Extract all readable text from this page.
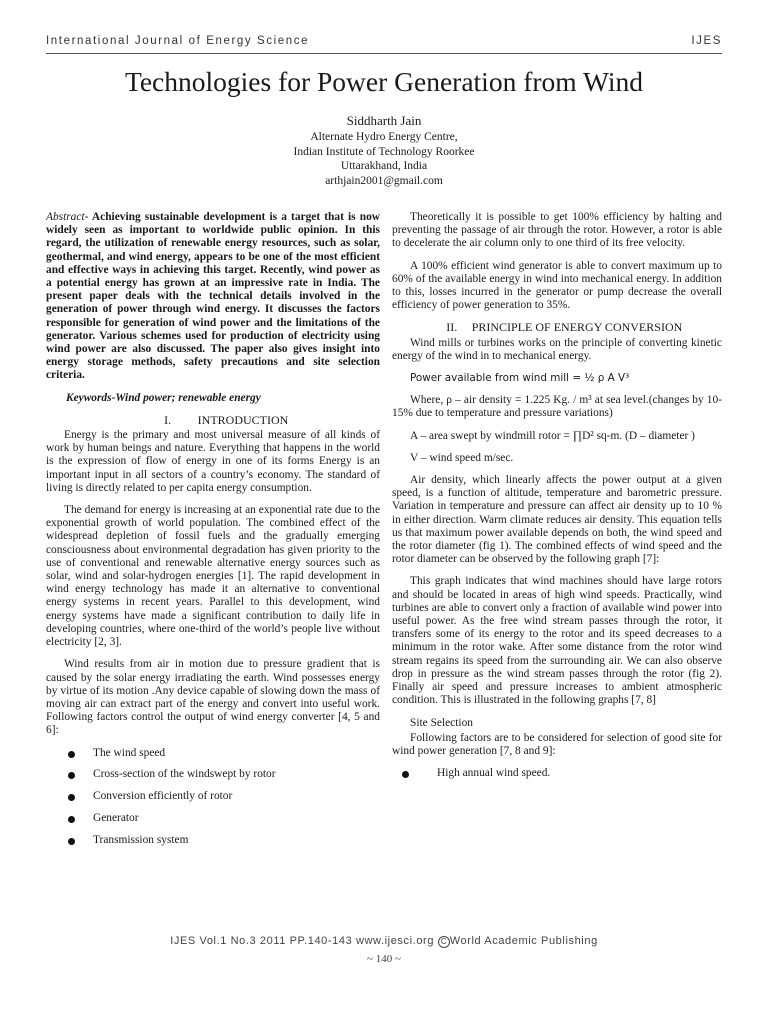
International Journal of Energy Science	IJES
Technologies for Power Generation from Wind
Siddharth Jain
Alternate Hydro Energy Centre,
Indian Institute of Technology Roorkee
Uttarakhand, India
arthjain2001@gmail.com

Abstract- Achieving sustainable development is a target that is now widely seen as important to worldwide public opinion. In this regard, the utilization of renewable energy resources, such as solar, geothermal, and wind energy, appears to be one of the most efficient and effective ways in achieving this target. Recently, wind power as a potential energy has grown at an impressive rate in India. The present paper deals with the technical details involved in the generation of power through wind energy. It discusses the factors responsible for generation of wind power and the limitations of the generator. Various schemes used for production of electricity using wind power are also discussed. The paper also gives insight into energy storage methods, safety precautions and site selection criteria.

Keywords-Wind power; renewable energy

I. INTRODUCTION

Energy is the primary and most universal measure of all kinds of work by human beings and nature. Everything that happens in the world is the expression of flow of energy in one of its forms Energy is an important input in all sectors of a country’s economy. The standard of living is directly related to per capita energy consumption.

The demand for energy is increasing at an exponential rate due to the exponential growth of world population. The combined effect of the widespread depletion of fossil fuels and the gradually emerging consciousness about environmental degradation has given priority to the use of conventional and renewable alternative energy sources such as solar, wind and solar-hydrogen energies [1]. The rapid development in wind energy technology has made it an alternative to conventional energy systems in recent years. Parallel to this development, wind energy systems have made a significant contribution to daily life in developing countries, where one-third of the world’s people live without electricity [2, 3].

Wind results from air in motion due to pressure gradient that is caused by the solar energy irradiating the earth. Wind possesses energy by virtue of its motion .Any device capable of slowing down the mass of moving air can extract part of the energy and convert into useful work. Following factors control the output of wind energy converter [4, 5 and 6]:

The wind speed
Cross-section of the windswept by rotor
Conversion efficiently of rotor
Generator
Transmission system

Theoretically it is possible to get 100% efficiency by halting and preventing the passage of air through the rotor. However, a rotor is able to decelerate the air column only to one third of its free velocity.

A 100% efficient wind generator is able to convert maximum up to 60% of the available energy in wind into mechanical energy. In addition to this, losses incurred in the generator or pump decrease the overall efficiency of power generation to 35%.

II. PRINCIPLE OF ENERGY CONVERSION

Wind mills or turbines works on the principle of converting kinetic energy of the wind in to mechanical energy.

Power available from wind mill = ½ ρ A V³

Where, ρ – air density = 1.225 Kg. / m³ at sea level.(changes by 10-15% due to temperature and pressure variations)

A – area swept by windmill rotor = ∏D² sq-m. (D – diameter )

V – wind speed m/sec.

Air density, which linearly affects the power output at a given speed, is a function of altitude, temperature and barometric pressure. Variation in temperature and pressure can affect air density up to 10 % in either direction. Warm climate reduces air density. This equation tells us that maximum power available depends on both, the wind speed and the rotor diameter (fig 1). The combined effects of wind speed and the rotor diameter can be observed by the following graph [7]:

This graph indicates that wind machines should have large rotors and should be located in areas of high wind speeds. Practically, wind turbines are able to convert only a fraction of available wind power into useful power. As the free wind stream passes through the rotor, it transfers some of its energy to the rotor and its speed decreases to a minimum in the rotor wake. After some distance from the rotor wind stream regains its speed from the surrounding air. We can also observe drop in pressure as the wind stream passes through the rotor (fig 2). Finally air speed and pressure increases to ambient atmospheric condition. This is illustrated in the following graphs [7, 8]

Site Selection

Following factors are to be considered for selection of good site for wind power generation [7, 8 and 9]:

High annual wind speed.
IJES Vol.1 No.3 2011 PP.140-143 www.ijesci.org C World Academic Publishing
~ 140 ~
